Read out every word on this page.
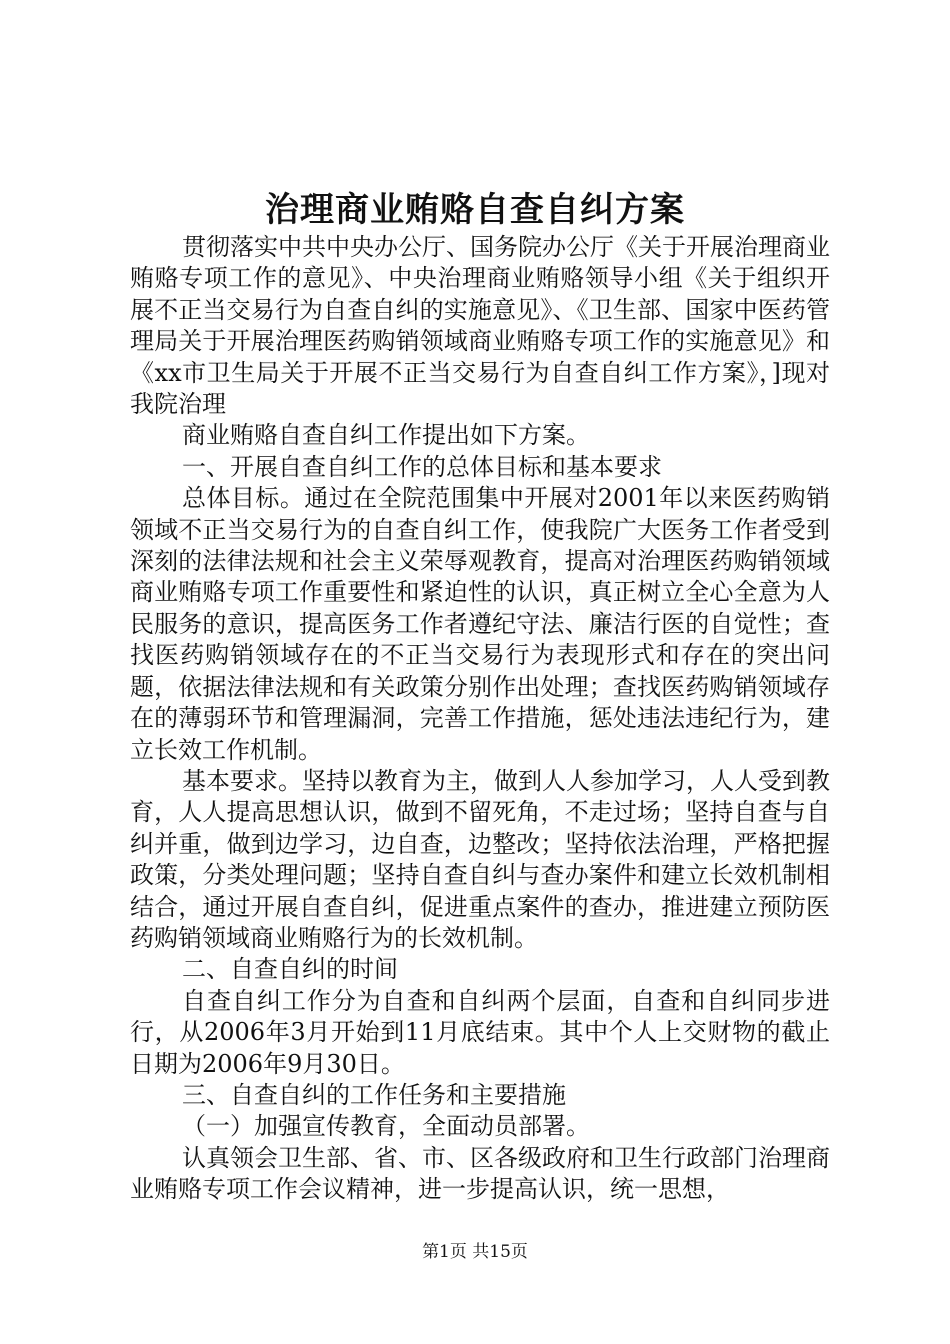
治理商业贿赂自查自纠方案

贯彻落实中共中央办公厅、国务院办公厅《关于开展治理商业贿赂专项工作的意见》、中央治理商业贿赂领导小组《关于组织开展不正当交易行为自查自纠的实施意见》、《卫生部、国家中医药管理局关于开展治理医药购销领域商业贿赂专项工作的实施意见》和《xx市卫生局关于开展不正当交易行为自查自纠工作方案》，]现对我院治理

商业贿赂自查自纠工作提出如下方案。

一、开展自查自纠工作的总体目标和基本要求

总体目标。通过在全院范围集中开展对2001年以来医药购销领域不正当交易行为的自查自纠工作，使我院广大医务工作者受到深刻的法律法规和社会主义荣辱观教育，提高对治理医药购销领域商业贿赂专项工作重要性和紧迫性的认识，真正树立全心全意为人民服务的意识，提高医务工作者遵纪守法、廉洁行医的自觉性；查找医药购销领域存在的不正当交易行为表现形式和存在的突出问题，依据法律法规和有关政策分别作出处理；查找医药购销领域存在的薄弱环节和管理漏洞，完善工作措施，惩处违法违纪行为，建立长效工作机制。

基本要求。坚持以教育为主，做到人人参加学习，人人受到教育，人人提高思想认识，做到不留死角，不走过场；坚持自查与自纠并重，做到边学习，边自查，边整改；坚持依法治理，严格把握政策，分类处理问题；坚持自查自纠与查办案件和建立长效机制相结合，通过开展自查自纠，促进重点案件的查办，推进建立预防医药购销领域商业贿赂行为的长效机制。

二、自查自纠的时间

自查自纠工作分为自查和自纠两个层面，自查和自纠同步进行，从2006年3月开始到11月底结束。其中个人上交财物的截止日期为2006年9月30日。

三、自查自纠的工作任务和主要措施

（一）加强宣传教育，全面动员部署。

认真领会卫生部、省、市、区各级政府和卫生行政部门治理商业贿赂专项工作会议精神，进一步提高认识，统一思想，

第1页 共15页
